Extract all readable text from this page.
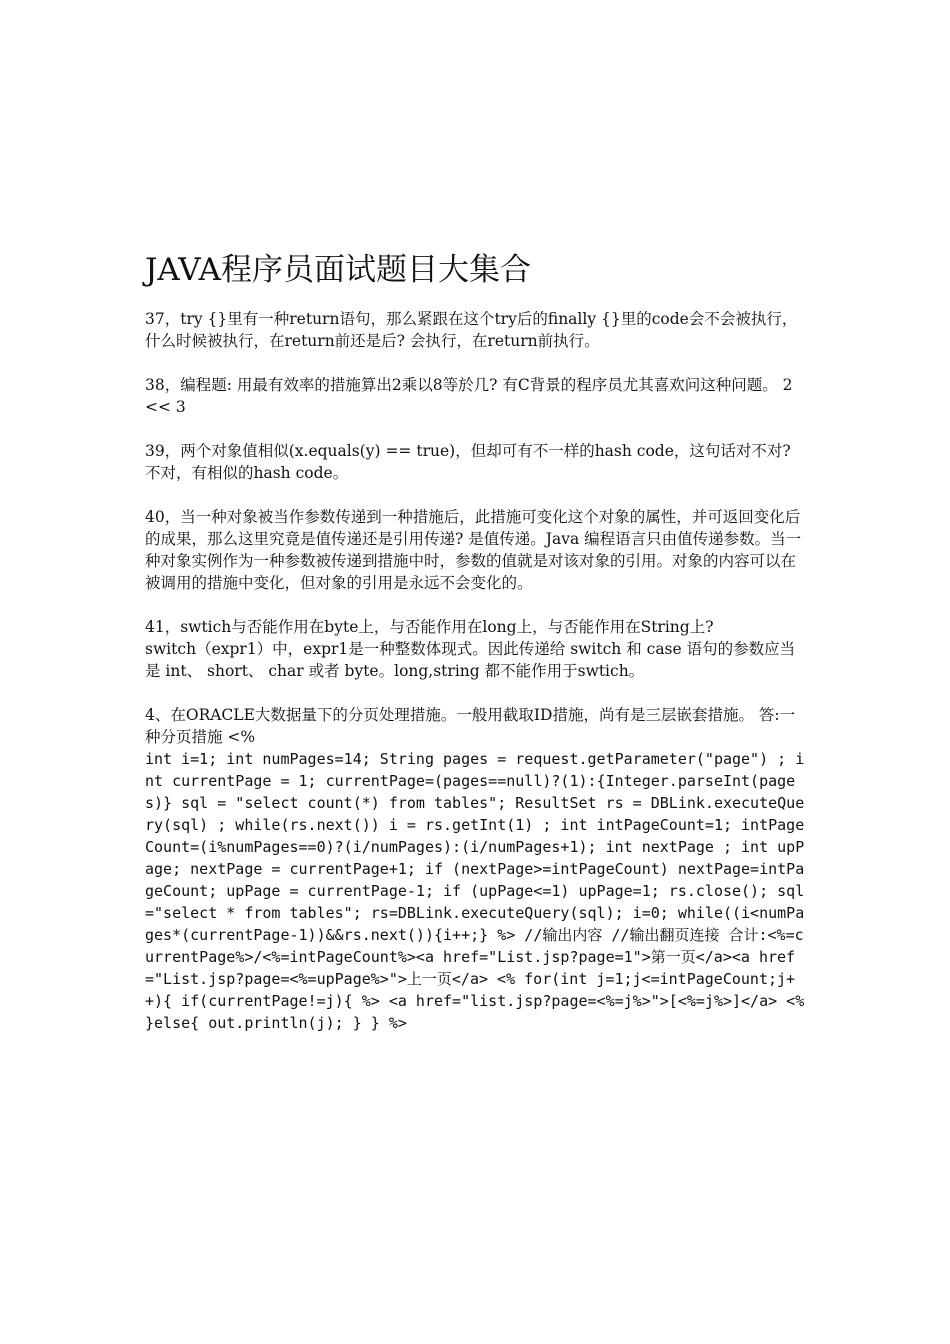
JAVA程序员面试题目大集合

37，try {}里有一种return语句，那么紧跟在这个try后的finally {}里的code会不会被执行，什么时候被执行，在return前还是后? 会执行，在return前执行。

38，编程题: 用最有效率的措施算出2乘以8等於几? 有C背景的程序员尤其喜欢问这种问题。 2 << 3

39，两个对象值相似(x.equals(y) == true)，但却可有不一样的hash code，这句话对不对?

不对，有相似的hash code。

40，当一种对象被当作参数传递到一种措施后，此措施可变化这个对象的属性，并可返回变化后的成果，那么这里究竟是值传递还是引用传递? 是值传递。Java 编程语言只由值传递参数。当一种对象实例作为一种参数被传递到措施中时，参数的值就是对该对象的引用。对象的内容可以在被调用的措施中变化，但对象的引用是永远不会变化的。

41，swtich与否能作用在byte上，与否能作用在long上，与否能作用在String上?

switch（expr1）中，expr1是一种整数体现式。因此传递给 switch 和 case 语句的参数应当是 int、 short、 char 或者 byte。long,string 都不能作用于swtich。

4、在ORACLE大数据量下的分页处理措施。一般用截取ID措施，尚有是三层嵌套措施。 答:一种分页措施 <%

int i=1; int numPages=14; String pages = request.getParameter("page") ; int currentPage = 1; currentPage=(pages==null)?(1):{Integer.parseInt(pages)} sql = "select count(*) from tables"; ResultSet rs = DBLink.executeQuery(sql) ; while(rs.next()) i = rs.getInt(1) ; int intPageCount=1; intPageCount=(i%numPages==0)?(i/numPages):(i/numPages+1); int nextPage ; int upPage; nextPage = currentPage+1; if (nextPage>=intPageCount) nextPage=intPageCount; upPage = currentPage-1; if (upPage<=1) upPage=1; rs.close(); sql="select * from tables"; rs=DBLink.executeQuery(sql); i=0; while((i<numPages*(currentPage-1))&&rs.next()){i++;} %> //输出内容 //输出翻页连接 合计:<%=currentPage%>/<%=intPageCount%><a href="List.jsp?page=1">第一页</a><a href="List.jsp?page=<%=upPage%>">上一页</a> <% for(int j=1;j<=intPageCount;j++){ if(currentPage!=j){ %> <a href="list.jsp?page=<%=j%>">[<%=j%>]</a> <% }else{ out.println(j); } } %>
